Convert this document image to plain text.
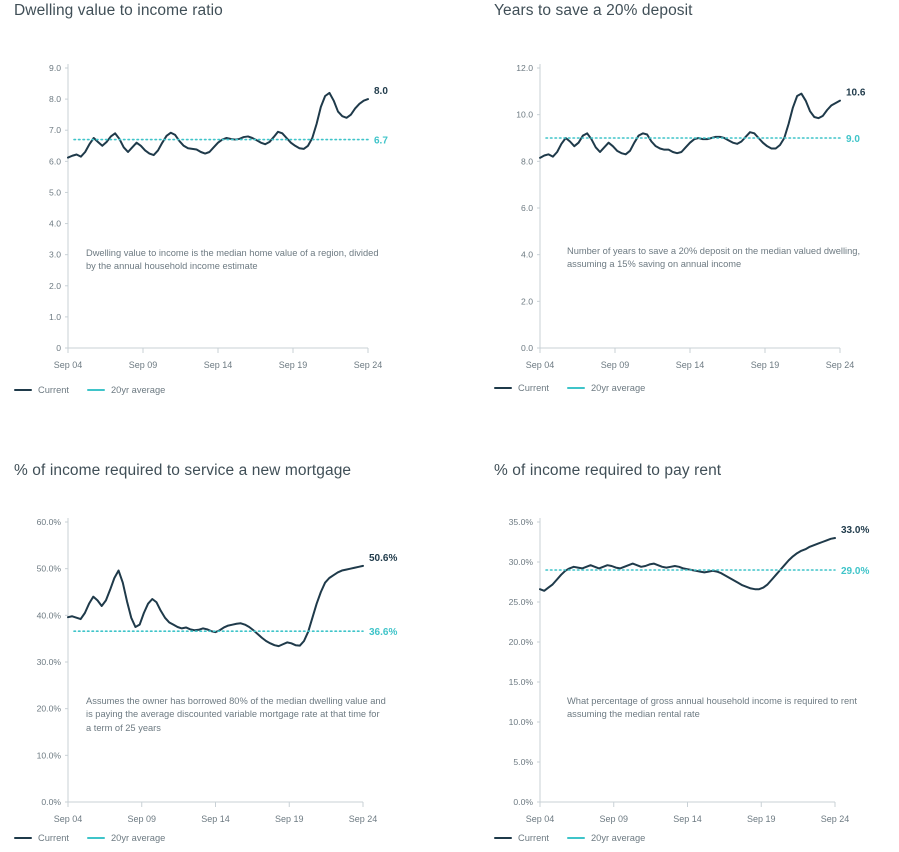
Dwelling value to income ratio
0
1.0
2.0
3.0
4.0
5.0
6.0
7.0
8.0
9.0
Sep 04	Sep 09	Sep 14	Sep 19	Sep 24
8.0
6.7
Dwelling value to income is the median home value of a region, divided by the annual household income estimate
Current	20yr average
Years to save a 20% deposit
0.0
2.0
4.0
6.0
8.0
10.0
12.0
Sep 04	Sep 09	Sep 14	Sep 19	Sep 24
10.6
9.0
Number of years to save a 20% deposit on the median valued dwelling, assuming a 15% saving on annual income
Current	20yr average
% of income required to service a new mortgage
0.0%
10.0%
20.0%
30.0%
40.0%
50.0%
60.0%
Sep 04	Sep 09	Sep 14	Sep 19	Sep 24
50.6%
36.6%
Assumes the owner has borrowed 80% of the median dwelling value and is paying the average discounted variable mortgage rate at that time for a term of 25 years
Current	20yr average
% of income required to pay rent
0.0%
5.0%
10.0%
15.0%
20.0%
25.0%
30.0%
35.0%
Sep 04	Sep 09	Sep 14	Sep 19	Sep 24
33.0%
29.0%
What percentage of gross annual household income is required to rent assuming the median rental rate
Current	20yr average
